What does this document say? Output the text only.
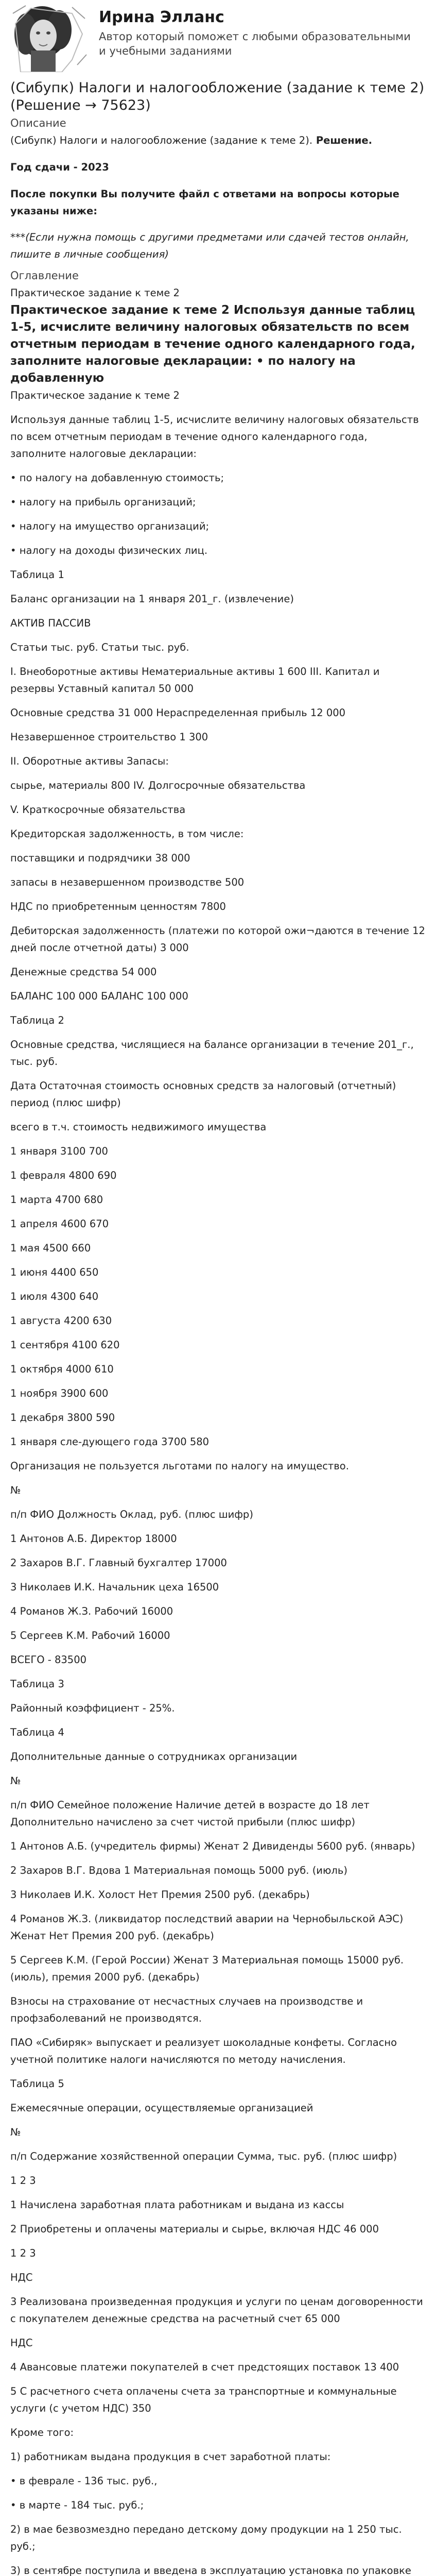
Ирина Элланс
Автор который поможет с любыми образовательными и учебными заданиями
(Сибупк) Налоги и налогообложение (задание к теме 2) (Решение → 75623)
Описание
(Сибупк) Налоги и налогообложение (задание к теме 2). Решение.
Год сдачи - 2023
После покупки Вы получите файл с ответами на вопросы которые указаны ниже:
***(Если нужна помощь с другими предметами или сдачей тестов онлайн, пишите в личные сообщения)
Оглавление
Практическое задание к теме 2
Практическое задание к теме 2 Используя данные таблиц 1-5, исчислите величину налоговых обязательств по всем отчетным периодам в течение одного календарного года, заполните налоговые декларации: • по налогу на добавленную
Практическое задание к теме 2
Используя данные таблиц 1-5, исчислите величину налоговых обязательств по всем отчетным периодам в течение одного календарного года, заполните налоговые декларации:
• по налогу на добавленную стоимость;
• налогу на прибыль организаций;
• налогу на имущество организаций;
• налогу на доходы физических лиц.
Таблица 1
Баланс организации на 1 января 201_г. (извлечение)
АКТИВ ПАССИВ
Статьи тыс. руб. Статьи тыс. руб.
I. Внеоборотные активы Нематериальные активы 1 600 III. Капитал и резервы Уставный капитал 50 000
Основные средства 31 000 Нераспределенная прибыль 12 000
Незавершенное строительство 1 300
II. Оборотные активы Запасы:
сырье, материалы 800 IV. Долгосрочные обязательства
V. Краткосрочные обязательства
Кредиторская задолженность, в том числе:
поставщики и подрядчики 38 000
запасы в незавершенном производстве 500
НДС по приобретенным ценностям 7800
Дебиторская задолженность (платежи по которой ожи¬даются в течение 12 дней после отчетной даты) 3 000
Денежные средства 54 000
БАЛАНС 100 000 БАЛАНС 100 000
Таблица 2
Основные средства, числящиеся на балансе организации в течение 201_г., тыс. руб.
Дата Остаточная стоимость основных средств за налоговый (отчетный) период (плюс шифр)
всего в т.ч. стоимость недвижимого имущества
1 января 3100 700
1 февраля 4800 690
1 марта 4700 680
1 апреля 4600 670
1 мая 4500 660
1 июня 4400 650
1 июля 4300 640
1 августа 4200 630
1 сентября 4100 620
1 октября 4000 610
1 ноября 3900 600
1 декабря 3800 590
1 января сле-дующего года 3700 580
Организация не пользуется льготами по налогу на имущество.
№
п/п ФИО Должность Оклад, руб. (плюс шифр)
1 Антонов А.Б. Директор 18000
2 Захаров В.Г. Главный бухгалтер 17000
3 Николаев И.К. Начальник цеха 16500
4 Романов Ж.З. Рабочий 16000
5 Сергеев К.М. Рабочий 16000
ВСЕГО - 83500
Таблица 3
Районный коэффициент - 25%.
Таблица 4
Дополнительные данные о сотрудниках организации
№
п/п ФИО Семейное положение Наличие детей в возрасте до 18 лет Дополнительно начислено за счет чистой прибыли (плюс шифр)
1 Антонов А.Б. (учредитель фирмы) Женат 2 Дивиденды 5600 руб. (январь)
2 Захаров В.Г. Вдова 1 Материальная помощь 5000 руб. (июль)
3 Николаев И.К. Холост Нет Премия 2500 руб. (декабрь)
4 Романов Ж.З. (ликвидатор последствий аварии на Чернобыльской АЭС) Женат Нет Премия 200 руб. (декабрь)
5 Сергеев К.М. (Герой России) Женат 3 Материальная помощь 15000 руб. (июль), премия 2000 руб. (декабрь)
Взносы на страхование от несчастных случаев на производстве и профзаболеваний не производятся.
ПАО «Сибиряк» выпускает и реализует шоколадные конфеты. Согласно учетной политике налоги начисляются по методу начисления.
Таблица 5
Ежемесячные операции, осуществляемые организацией
№
п/п Содержание хозяйственной операции Сумма, тыс. руб. (плюс шифр)
1 2 3
1 Начислена заработная плата работникам и выдана из кассы
2 Приобретены и оплачены материалы и сырье, включая НДС 46 000
1 2 3
НДС
3 Реализована произведенная продукция и услуги по ценам договоренности с покупателем денежные средства на расчетный счет 65 000
НДС
4 Авансовые платежи покупателей в счет предстоящих поставок 13 400
5 С расчетного счета оплачены счета за транспортные и коммунальные услуги (с учетом НДС) 350
Кроме того:
1) работникам выдана продукция в счет заработной платы:
• в феврале - 136 тыс. руб.,
• в марте - 184 тыс. руб.;
2) в мае безвозмездно передано детскому дому продукции на 1 250 тыс. руб.;
3) в сентябре поступила и введена в эксплуатацию установка по упаковке
